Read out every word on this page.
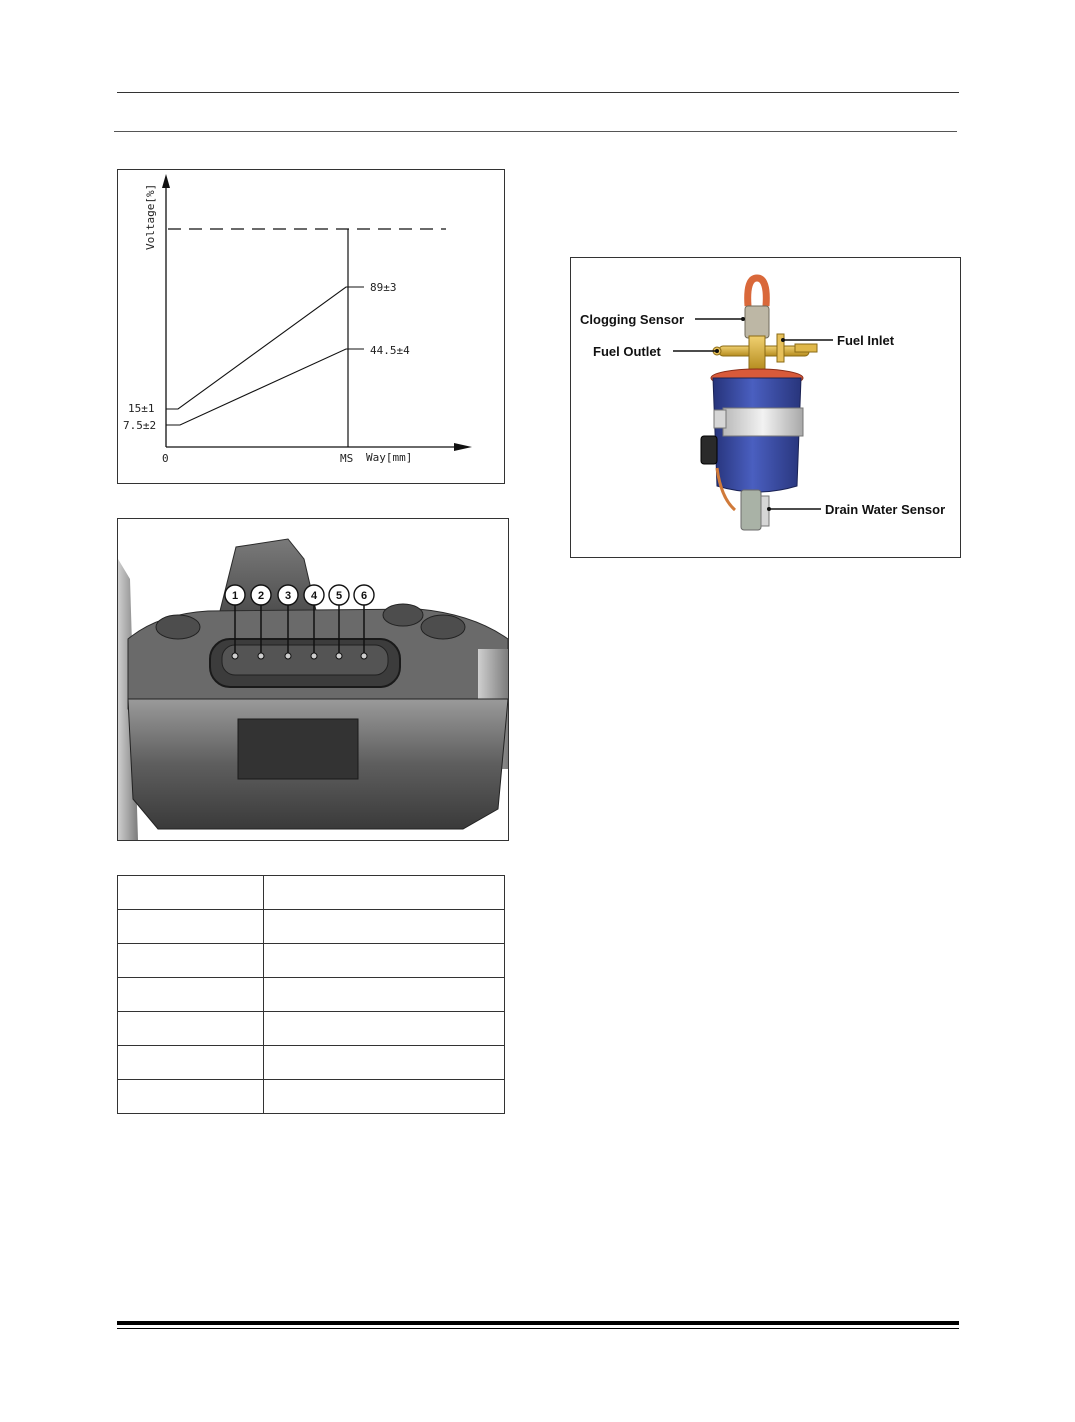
Voltage[%]
0	MS Way[mm]
89±3
44.5±4
15±1
7.5±2
1 2 3 4 5 6

Clogging Sensor
Fuel Inlet
Fuel Outlet
Drain Water Sensor
